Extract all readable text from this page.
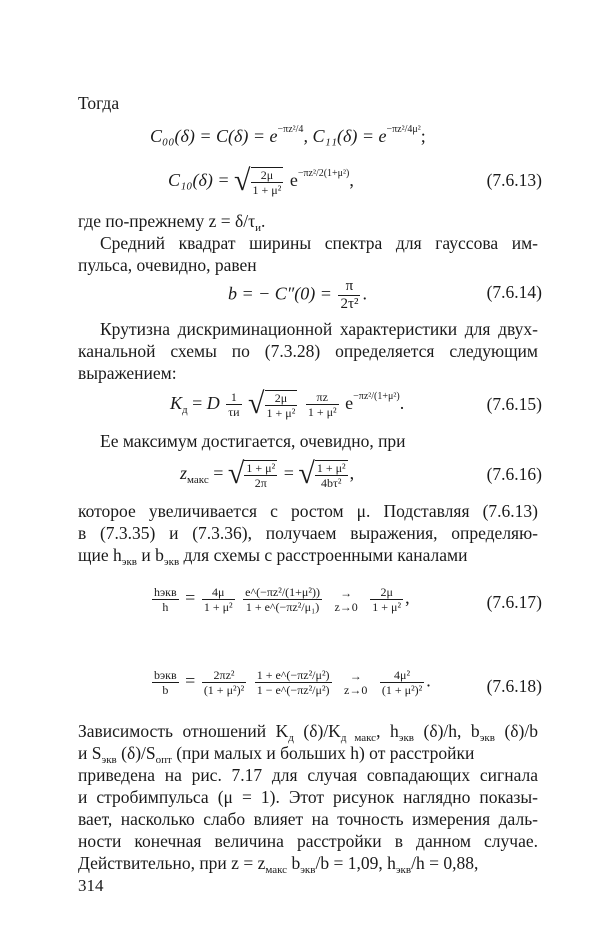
Тогда
$C_{00}(\delta) = C(\delta) = e^{-\pi z^2/4}$, $C_{11}(\delta) = e^{-\pi z^2/4\mu^2}$;
C₁₀(δ) = √ $\frac{2\mu}{\text{1 + μ²}} e^{-\pi z^2/2(1+\mu^2)}$,	(7.6.13)
где по-прежнему $z = \delta/\tau_и$.
Средний квадрат ширины спектра для гауссова им-
пульса, очевидно, равен
b = − $C''(0) = \frac{\pi}{\text{2τ²}}$ .	(7.6.14)
Крутизна дискриминационной характеристики для двух-
канальной схемы по (7.3.28) определяется следующим
выражением:
$K_д = D \frac{1}{\tau и}$ √ $\frac{2\mu}{\text{1 + μ²}}$
$\frac{\pi z}{\text{1 + μ²}} e^{-\pi z^2/(1+\mu^2)}$.	(7.6.15)
Ее максимум достигается, очевидно, при
$z_{макс}$ = √ $\frac{\text{1 + μ²}}{2\pi}$ = √ $\frac{\text{1 + μ²}}{\text{4bτ²}}$ ,	(7.6.16)
которое увеличивается с ростом μ. Подставляя (7.6.13)
в (7.3.35) и (7.3.36), получаем выражения, определяю-
щие $h_{экв}$ и $b_{экв}$ для схемы с расстроенными каналами
$\frac{\text{hэкв}}{h} = \frac{4\mu}{\text{1 + μ²}}$
$\frac{\text{e\textasciicircum{}(−πz²/(1+μ²))}}{\text{1 + e\textasciicircum{}(−πz²/μ₁)}}$
	→
z→0
$\frac{2\mu}{\text{1 + μ²}}$ ,	(7.6.17)
$\frac{\text{bэкв}}{b} = \frac{\text{2πz²}}{\text{(1 + μ²)²}}$
$\frac{\text{1 + e\textasciicircum{}(−πz²/μ²)}}{\text{1 − e\textasciicircum{}(−πz²/μ²)}}$
	→
z→0
$\frac{\text{4μ²}}{\text{(1 + μ²)²}}$ .	(7.6.18)
Зависимость отношений $K_д$ $(\delta)/K_{д макс}$, $h_{экв}$ (δ)/h, $b_{экв}$ (δ)/b
и $S_{экв}$ $(\delta)/S_{опт}$ (при малых и больших h) от расстройки
приведена на рис. 7.17 для случая совпадающих сигнала
и стробимпульса (μ = 1). Этот рисунок наглядно показы-
вает, насколько слабо влияет на точность измерения даль-
ности конечная величина расстройки в данном случае.
Действительно, при $z = z_{макс}$ $b_{экв}/b = 1,09$, $h_{экв}/h = 0,88$,
314
